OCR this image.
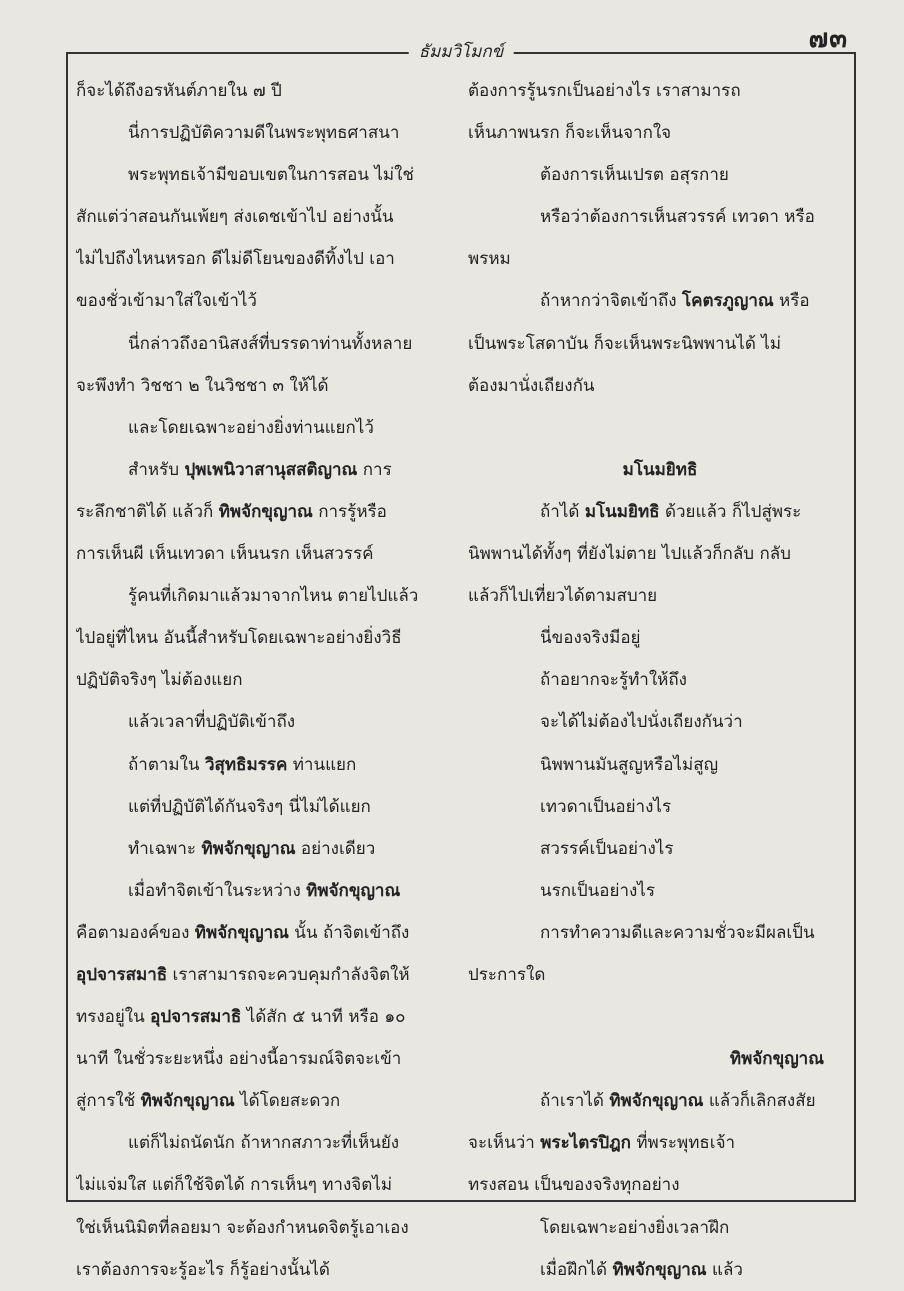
๗๓
ธัมมวิโมกข์
ก็จะได้ถึงอรหันต์ภายใน ๗ ปี
นี่การปฏิบัติความดีในพระพุทธศาสนา
พระพุทธเจ้ามีขอบเขตในการสอน ไม่ใช่
สักแต่ว่าสอนกันเพ้ยๆ ส่งเดชเข้าไป อย่างนั้น
ไม่ไปถึงไหนหรอก ดีไม่ดีโยนของดีทิ้งไป เอา
ของชั่วเข้ามาใส่ใจเข้าไว้
นี่กล่าวถึงอานิสงส์ที่บรรดาท่านทั้งหลาย
จะพึงทำ วิชชา ๒ ในวิชชา ๓ ให้ได้
และโดยเฉพาะอย่างยิ่งท่านแยกไว้
สำหรับ ปุพเพนิวาสานุสสติญาณ การ
ระลึกชาติได้ แล้วก็ ทิพจักขุญาณ การรู้หรือ
การเห็นผี เห็นเทวดา เห็นนรก เห็นสวรรค์
รู้คนที่เกิดมาแล้วมาจากไหน ตายไปแล้ว
ไปอยู่ที่ไหน อันนี้สำหรับโดยเฉพาะอย่างยิ่งวิธี
ปฏิบัติจริงๆ ไม่ต้องแยก
แล้วเวลาที่ปฏิบัติเข้าถึง
ถ้าตามใน วิสุทธิมรรค ท่านแยก
แต่ที่ปฏิบัติได้กันจริงๆ นี่ไม่ได้แยก
ทำเฉพาะ ทิพจักขุญาณ อย่างเดียว
เมื่อทำจิตเข้าในระหว่าง ทิพจักขุญาณ
คือตามองค์ของ ทิพจักขุญาณ นั้น ถ้าจิตเข้าถึง
อุปจารสมาธิ เราสามารถจะควบคุมกำลังจิตให้
ทรงอยู่ใน อุปจารสมาธิ ได้สัก ๕ นาที หรือ ๑๐
นาที ในชั่วระยะหนึ่ง อย่างนี้อารมณ์จิตจะเข้า
สู่การใช้ ทิพจักขุญาณ ได้โดยสะดวก
แต่ก็ไม่ถนัดนัก ถ้าหากสภาวะที่เห็นยัง
ไม่แจ่มใส แต่ก็ใช้จิตได้ การเห็นๆ ทางจิตไม่
ใช่เห็นนิมิตที่ลอยมา จะต้องกำหนดจิตรู้เอาเอง
เราต้องการจะรู้อะไร ก็รู้อย่างนั้นได้
ต้องการรู้นรกเป็นอย่างไร เราสามารถ
เห็นภาพนรก ก็จะเห็นจากใจ
ต้องการเห็นเปรต อสุรกาย
หรือว่าต้องการเห็นสวรรค์ เทวดา หรือ
พรหม
ถ้าหากว่าจิตเข้าถึง โคตรภูญาณ หรือ
เป็นพระโสดาบัน ก็จะเห็นพระนิพพานได้ ไม่
ต้องมานั่งเถียงกัน
มโนมยิทธิ
ถ้าได้ มโนมยิทธิ ด้วยแล้ว ก็ไปสู่พระ
นิพพานได้ทั้งๆ ที่ยังไม่ตาย ไปแล้วก็กลับ กลับ
แล้วก็ไปเที่ยวได้ตามสบาย
นี่ของจริงมีอยู่
ถ้าอยากจะรู้ทำให้ถึง
จะได้ไม่ต้องไปนั่งเถียงกันว่า
นิพพานมันสูญหรือไม่สูญ
เทวดาเป็นอย่างไร
สวรรค์เป็นอย่างไร
นรกเป็นอย่างไร
การทำความดีและความชั่วจะมีผลเป็น
ประการใด
ทิพจักขุญาณ
ถ้าเราได้ ทิพจักขุญาณ แล้วก็เลิกสงสัย
จะเห็นว่า พระไตรปิฎก ที่พระพุทธเจ้า
ทรงสอน เป็นของจริงทุกอย่าง
โดยเฉพาะอย่างยิ่งเวลาฝึก
เมื่อฝึกได้ ทิพจักขุญาณ แล้ว
